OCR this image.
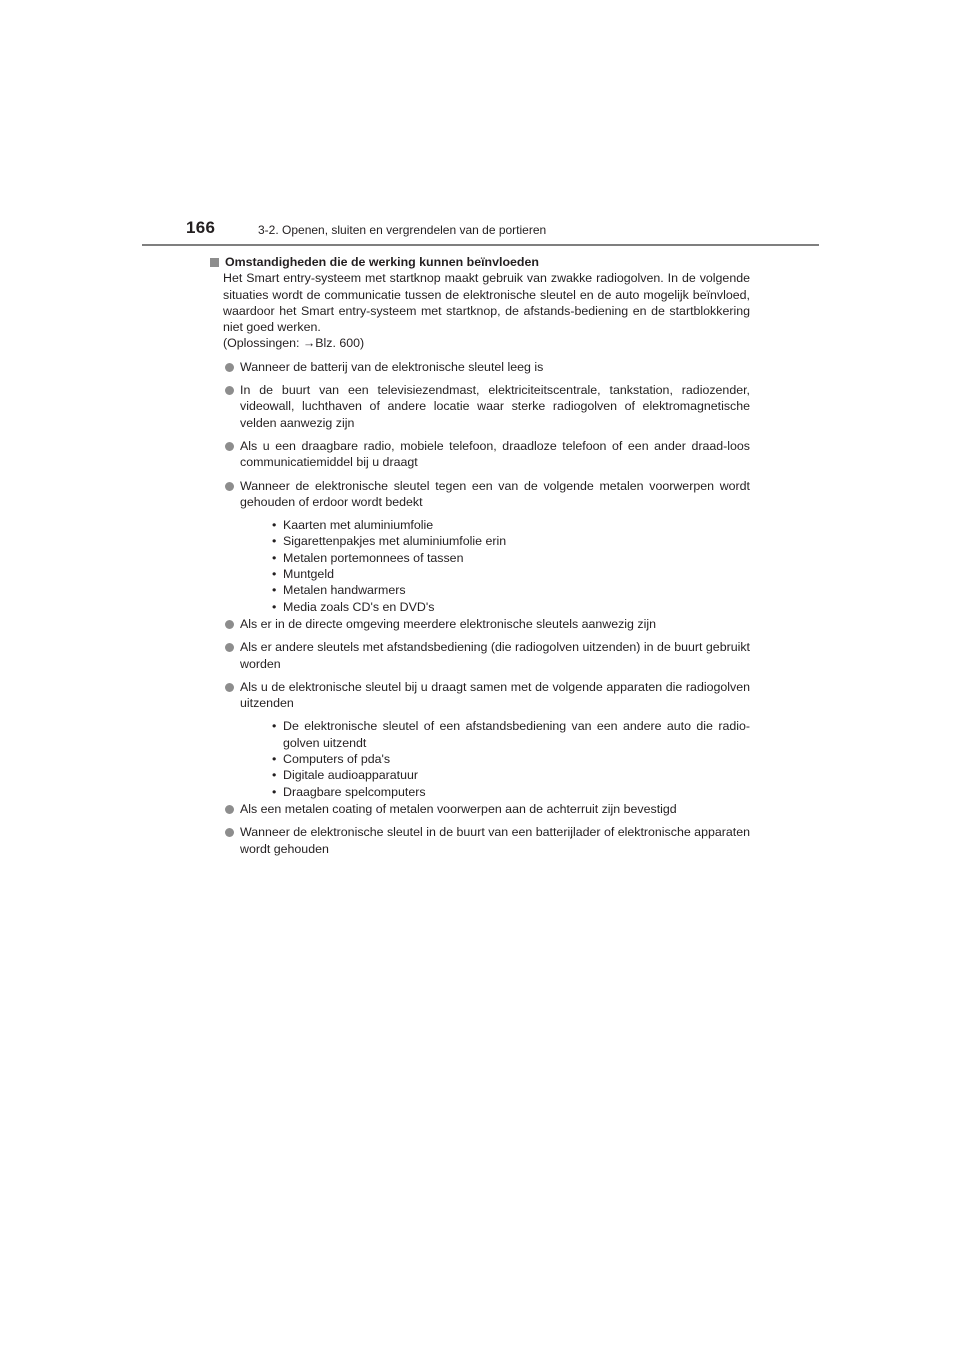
166	3-2. Openen, sluiten en vergrendelen van de portieren
Omstandigheden die de werking kunnen beïnvloeden

Het Smart entry-systeem met startknop maakt gebruik van zwakke radiogolven. In de volgende situaties wordt de communicatie tussen de elektronische sleutel en de auto mogelijk beïnvloed, waardoor het Smart entry-systeem met startknop, de afstands-bediening en de startblokkering niet goed werken.
(Oplossingen: →Blz. 600)

Wanneer de batterij van de elektronische sleutel leeg is
In de buurt van een televisiezendmast, elektriciteitscentrale, tankstation, radiozender, videowall, luchthaven of andere locatie waar sterke radiogolven of elektromagnetische velden aanwezig zijn
Als u een draagbare radio, mobiele telefoon, draadloze telefoon of een ander draad-loos communicatiemiddel bij u draagt
Wanneer de elektronische sleutel tegen een van de volgende metalen voorwerpen wordt gehouden of erdoor wordt bedekt
• Kaarten met aluminiumfolie
• Sigarettenpakjes met aluminiumfolie erin
• Metalen portemonnees of tassen
• Muntgeld
• Metalen handwarmers
• Media zoals CD's en DVD's
Als er in de directe omgeving meerdere elektronische sleutels aanwezig zijn
Als er andere sleutels met afstandsbediening (die radiogolven uitzenden) in de buurt gebruikt worden
Als u de elektronische sleutel bij u draagt samen met de volgende apparaten die radiogolven uitzenden
• De elektronische sleutel of een afstandsbediening van een andere auto die radio-golven uitzendt
• Computers of pda's
• Digitale audioapparatuur
• Draagbare spelcomputers
Als een metalen coating of metalen voorwerpen aan de achterruit zijn bevestigd
Wanneer de elektronische sleutel in de buurt van een batterijlader of elektronische apparaten wordt gehouden
